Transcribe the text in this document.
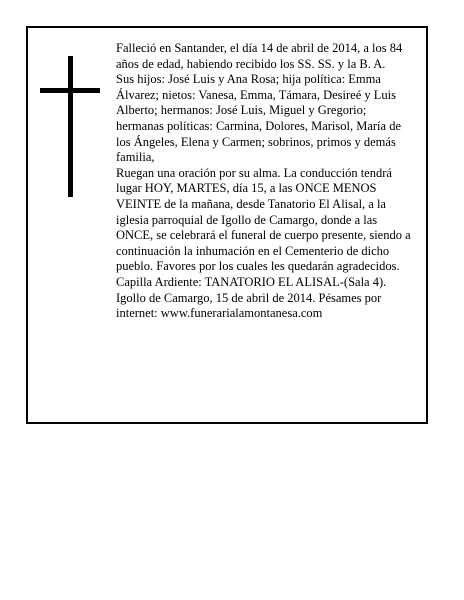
Falleció en Santander, el día 14 de abril de 2014, a los 84 años de edad, habiendo recibido los SS. SS. y la B. A.

Sus hijos: José Luis y Ana Rosa; hija política: Emma Álvarez; nietos: Vanesa, Emma, Támara, Desireé y Luis Alberto; hermanos: José Luis, Miguel y Gregorio; hermanas políticas: Carmina, Dolores, Marisol, María de los Ángeles, Elena y Carmen; sobrinos, primos y demás familia,

Ruegan una oración por su alma. La conducción tendrá lugar HOY, MARTES, día 15, a las ONCE MENOS VEINTE de la mañana, desde Tanatorio El Alisal, a la iglesia parroquial de Igollo de Camargo, donde a las ONCE, se celebrará el funeral de cuerpo presente, siendo a continuación la inhumación en el Cementerio de dicho pueblo. Favores por los cuales les quedarán agradecidos. Capilla Ardiente: TANATORIO EL ALISAL-(Sala 4).

Igollo de Camargo, 15 de abril de 2014. Pésames por internet: www.funerarialamontanesa.com
